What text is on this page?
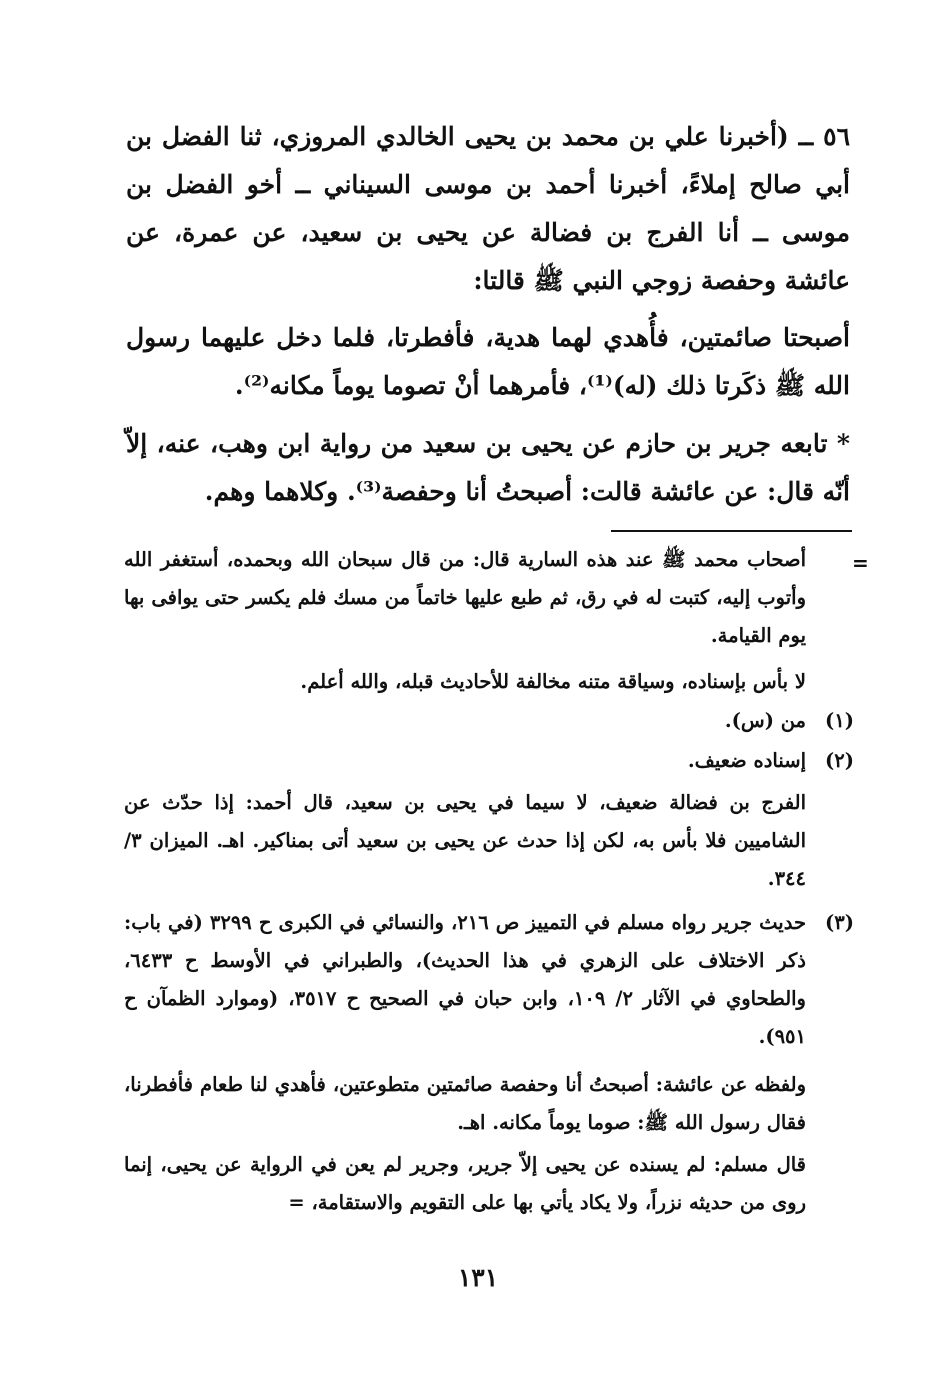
٥٦ ــ (أخبرنا علي بن محمد بن يحيى الخالدي المروزي، ثنا الفضل بن أبي صالح إملاءً، أخبرنا أحمد بن موسى السيناني ــ أخو الفضل بن موسى ــ أنا الفرج بن فضالة عن يحيى بن سعيد، عن عمرة، عن عائشة وحفصة زوجي النبي ﷺ قالتا:

أصبحتا صائمتين، فأُهدي لهما هدية، فأفطرتا، فلما دخل عليهما رسول الله ﷺ ذكَرتا ذلك (له)⁽¹⁾، فأمرهما أنْ تصوما يوماً مكانه⁽²⁾.

* تابعه جرير بن حازم عن يحيى بن سعيد من رواية ابن وهب، عنه، إلاّ أنّه قال: عن عائشة قالت: أصبحتُ أنا وحفصة⁽³⁾. وكلاهما وهم.

=

أصحاب محمد ﷺ عند هذه السارية قال: من قال سبحان الله وبحمده، أستغفر الله وأتوب إليه، كتبت له في رق، ثم طبع عليها خاتماً من مسك فلم يكسر حتى يوافى بها يوم القيامة.

لا بأس بإسناده، وسياقة متنه مخالفة للأحاديث قبله، والله أعلم.

(١)

من (س).

(٢)

إسناده ضعيف.

الفرج بن فضالة ضعيف، لا سيما في يحيى بن سعيد، قال أحمد: إذا حدّث عن الشاميين فلا بأس به، لكن إذا حدث عن يحيى بن سعيد أتى بمناكير. اهـ. الميزان ٣/ ٣٤٤.

(٣)

حديث جرير رواه مسلم في التمييز ص ٢١٦، والنسائي في الكبرى ح ٣٢٩٩ (في باب: ذكر الاختلاف على الزهري في هذا الحديث)، والطبراني في الأوسط ح ٦٤٣٣، والطحاوي في الآثار ٢/ ١٠٩، وابن حبان في الصحيح ح ٣٥١٧، (وموارد الظمآن ح ٩٥١).

ولفظه عن عائشة: أصبحتُ أنا وحفصة صائمتين متطوعتين، فأهدي لنا طعام فأفطرنا، فقال رسول الله ﷺ: صوما يوماً مكانه. اهـ.

قال مسلم: لم يسنده عن يحيى إلاّ جرير، وجرير لم يعن في الرواية عن يحيى، إنما روى من حديثه نزراً، ولا يكاد يأتي بها على التقويم والاستقامة، =

١٣١
